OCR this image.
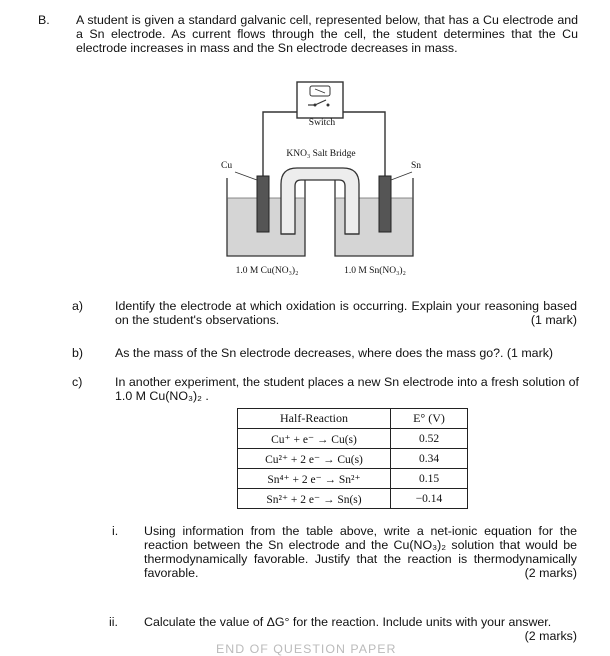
B. A student is given a standard galvanic cell, represented below, that has a Cu electrode and a Sn electrode. As current flows through the cell, the student determines that the Cu electrode increases in mass and the Sn electrode decreases in mass.
Switch
KNO₃ Salt Bridge
Cu	Sn
1.0 M Cu(NO₃)₂	1.0 M Sn(NO₃)₂
a)	Identify the electrode at which oxidation is occurring. Explain your reasoning based on the student's observations.	(1 mark)
b)	As the mass of the Sn electrode decreases, where does the mass go?. (1 mark)
c)	In another experiment, the student places a new Sn electrode into a fresh solution of 1.0 M Cu(NO₃)₂ .
Half-Reaction	E° (V)
Cu⁺ + e⁻ → Cu(s)	0.52
Cu²⁺ + 2 e⁻ → Cu(s)	0.34
Sn⁴⁺ + 2 e⁻ → Sn²⁺	0.15
Sn²⁺ + 2 e⁻ → Sn(s)	−0.14
i. Using information from the table above, write a net-ionic equation for the reaction between the Sn electrode and the Cu(NO₃)₂ solution that would be thermodynamically favorable. Justify that the reaction is thermodynamically favorable.	(2 marks)
ii. Calculate the value of ΔG° for the reaction. Include units with your answer.

(2 marks)
END OF QUESTION PAPER
